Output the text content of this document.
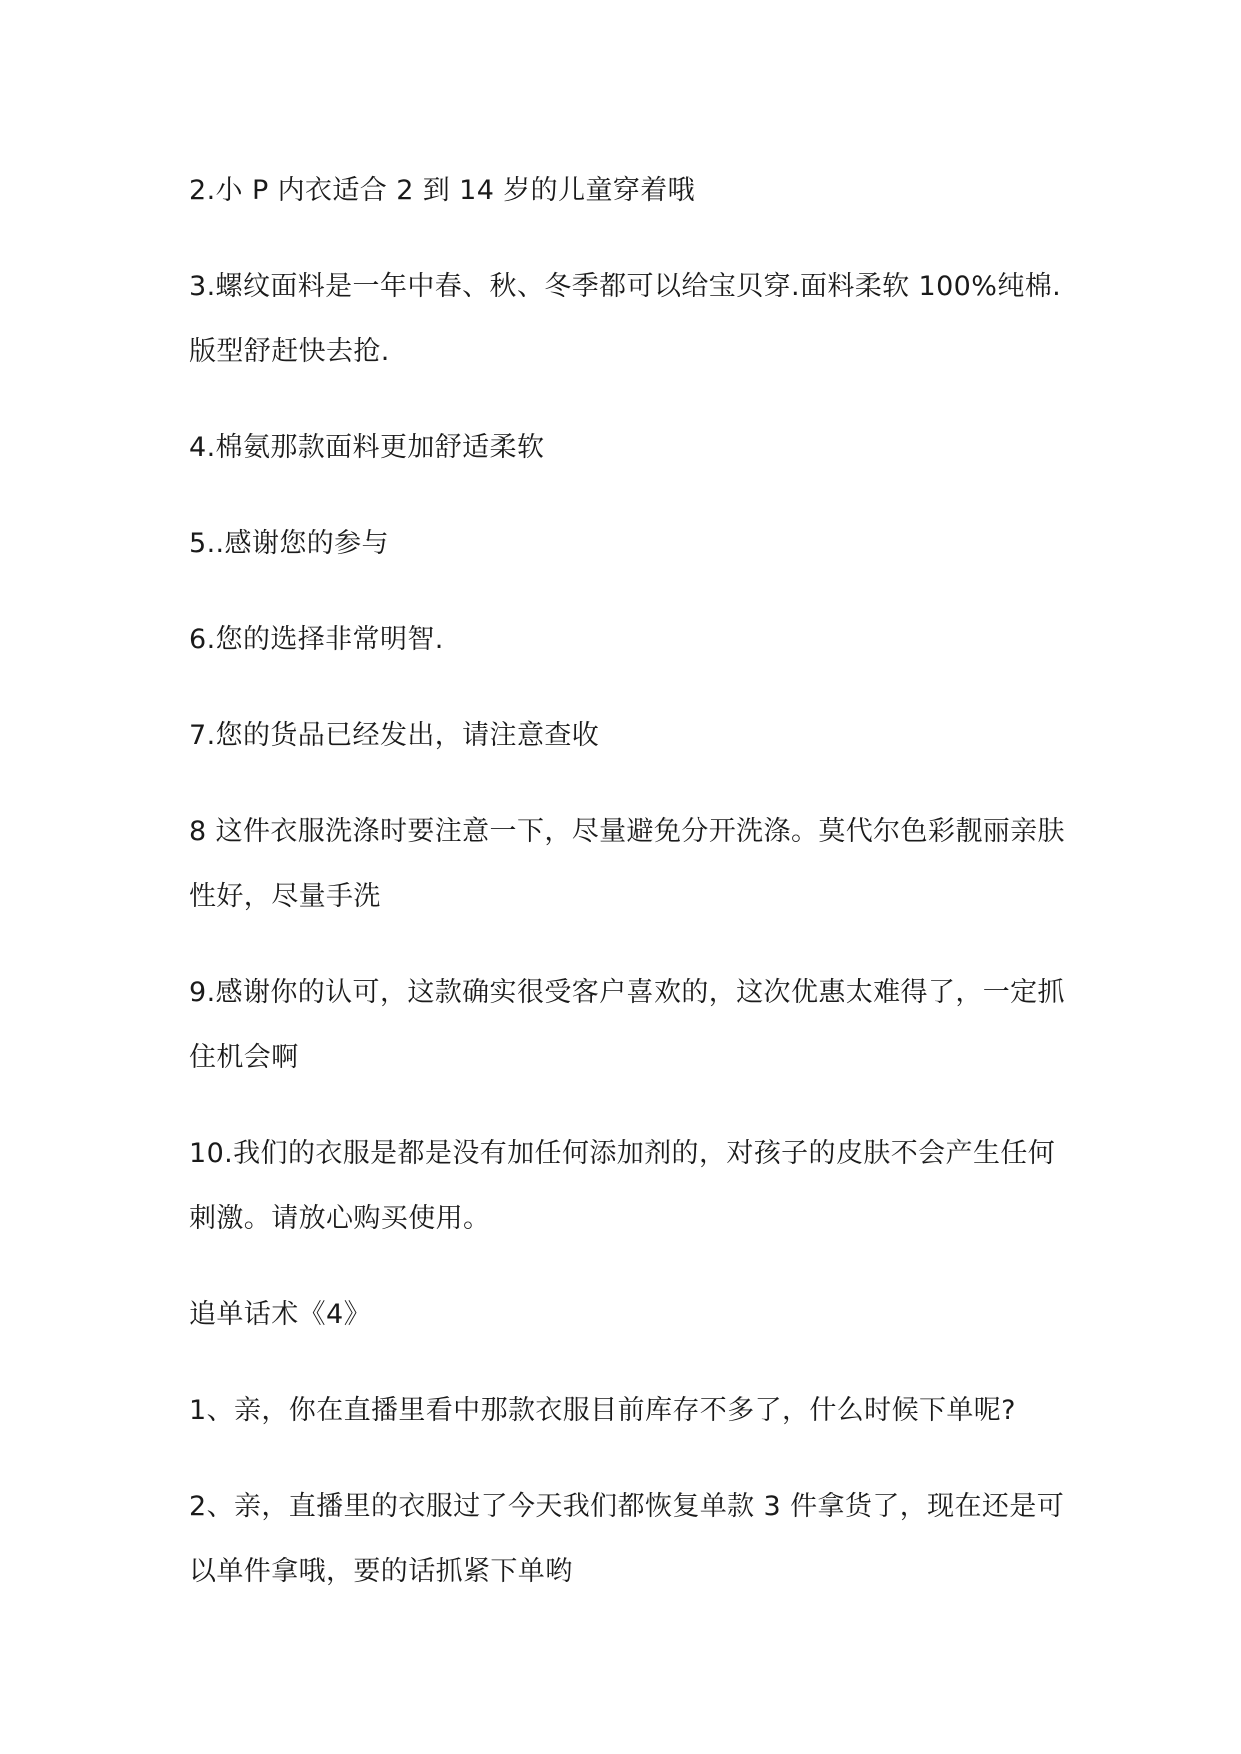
2.小 P 内衣适合 2 到 14 岁的儿童穿着哦

3.螺纹面料是一年中春、秋、冬季都可以给宝贝穿.面料柔软 100%纯棉.版型舒赶快去抢.

4.棉氨那款面料更加舒适柔软

5..感谢您的参与

6.您的选择非常明智.

7.您的货品已经发出，请注意查收

8 这件衣服洗涤时要注意一下，尽量避免分开洗涤。莫代尔色彩靓丽亲肤性好，尽量手洗

9.感谢你的认可，这款确实很受客户喜欢的，这次优惠太难得了，一定抓住机会啊

10.我们的衣服是都是没有加任何添加剂的，对孩子的皮肤不会产生任何刺激。请放心购买使用。

追单话术《4》

1、亲，你在直播里看中那款衣服目前库存不多了，什么时候下单呢?

2、亲，直播里的衣服过了今天我们都恢复单款 3 件拿货了，现在还是可以单件拿哦，要的话抓紧下单哟
